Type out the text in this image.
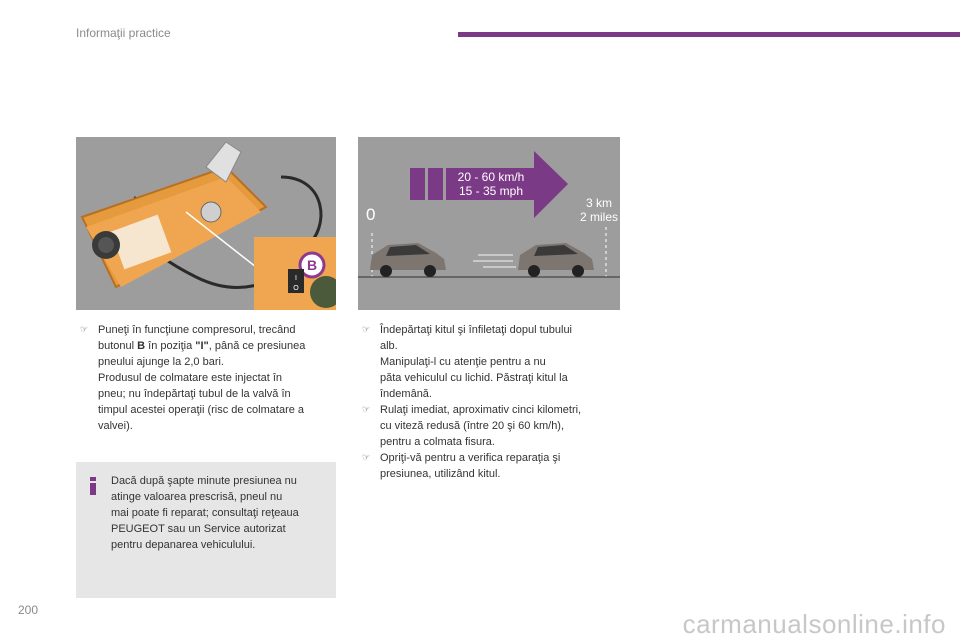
Informaţii practice
B
I
O
20 - 60 km/h
15 - 35 mph
0
3 km
2 miles
☞ Puneţi în funcţiune compresorul, trecând

butonul B în poziţia "I", până ce presiunea

pneului ajunge la 2,0 bari.

Produsul de colmatare este injectat în

pneu; nu îndepărtaţi tubul de la valvă în

timpul acestei operaţii (risc de colmatare a

valvei).

Dacă după şapte minute presiunea nu
atinge valoarea prescrisă, pneul nu
mai poate fi reparat; consultaţi reţeaua
PEUGEOT sau un Service autorizat
pentru depanarea vehiculului.
☞ Îndepărtaţi kitul şi înfiletaţi dopul tubului

alb.

Manipulaţi-l cu atenţie pentru a nu

păta vehiculul cu lichid. Păstraţi kitul la

îndemână.

☞ Rulaţi imediat, aproximativ cinci kilometri,

cu viteză redusă (între 20 şi 60 km/h),

pentru a colmata fisura.

☞ Opriţi-vă pentru a verifica reparaţia şi

presiunea, utilizând kitul.

200	carmanualsonline.info
